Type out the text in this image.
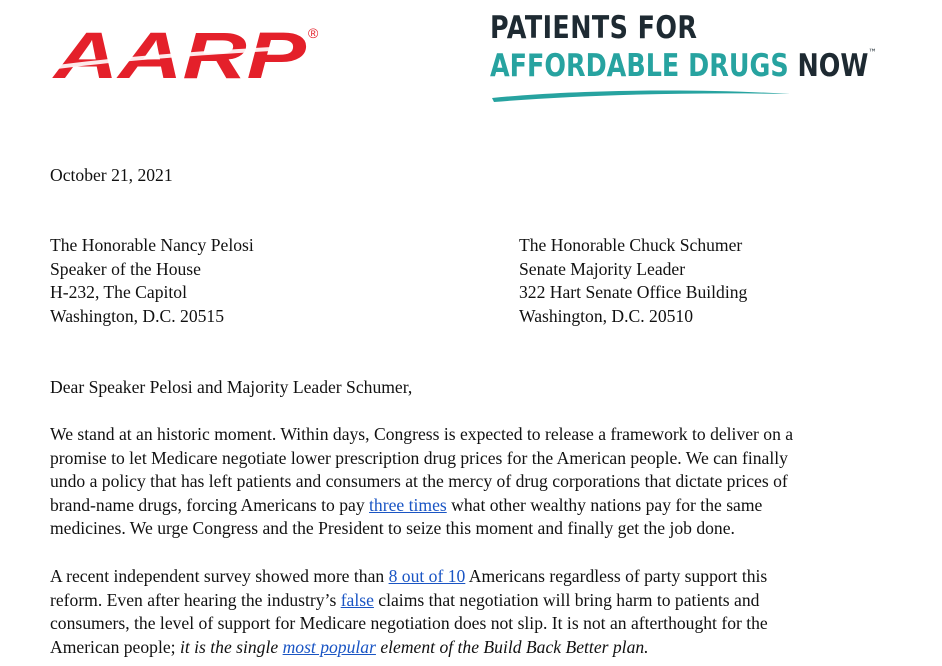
AARP ®	PATIENTS FOR
AFFORDABLE DRUGS NOW™
October 21, 2021
The Honorable Nancy Pelosi
Speaker of the House
H-232, The Capitol
Washington, D.C. 20515
The Honorable Chuck Schumer
Senate Majority Leader
322 Hart Senate Office Building
Washington, D.C. 20510
Dear Speaker Pelosi and Majority Leader Schumer,
We stand at an historic moment. Within days, Congress is expected to release a framework to deliver on a
promise to let Medicare negotiate lower prescription drug prices for the American people. We can finally
undo a policy that has left patients and consumers at the mercy of drug corporations that dictate prices of
brand-name drugs, forcing Americans to pay three times what other wealthy nations pay for the same
medicines. We urge Congress and the President to seize this moment and finally get the job done.
A recent independent survey showed more than 8 out of 10 Americans regardless of party support this
reform. Even after hearing the industry’s false claims that negotiation will bring harm to patients and
consumers, the level of support for Medicare negotiation does not slip. It is not an afterthought for the
American people; it is the single most popular element of the Build Back Better plan.
